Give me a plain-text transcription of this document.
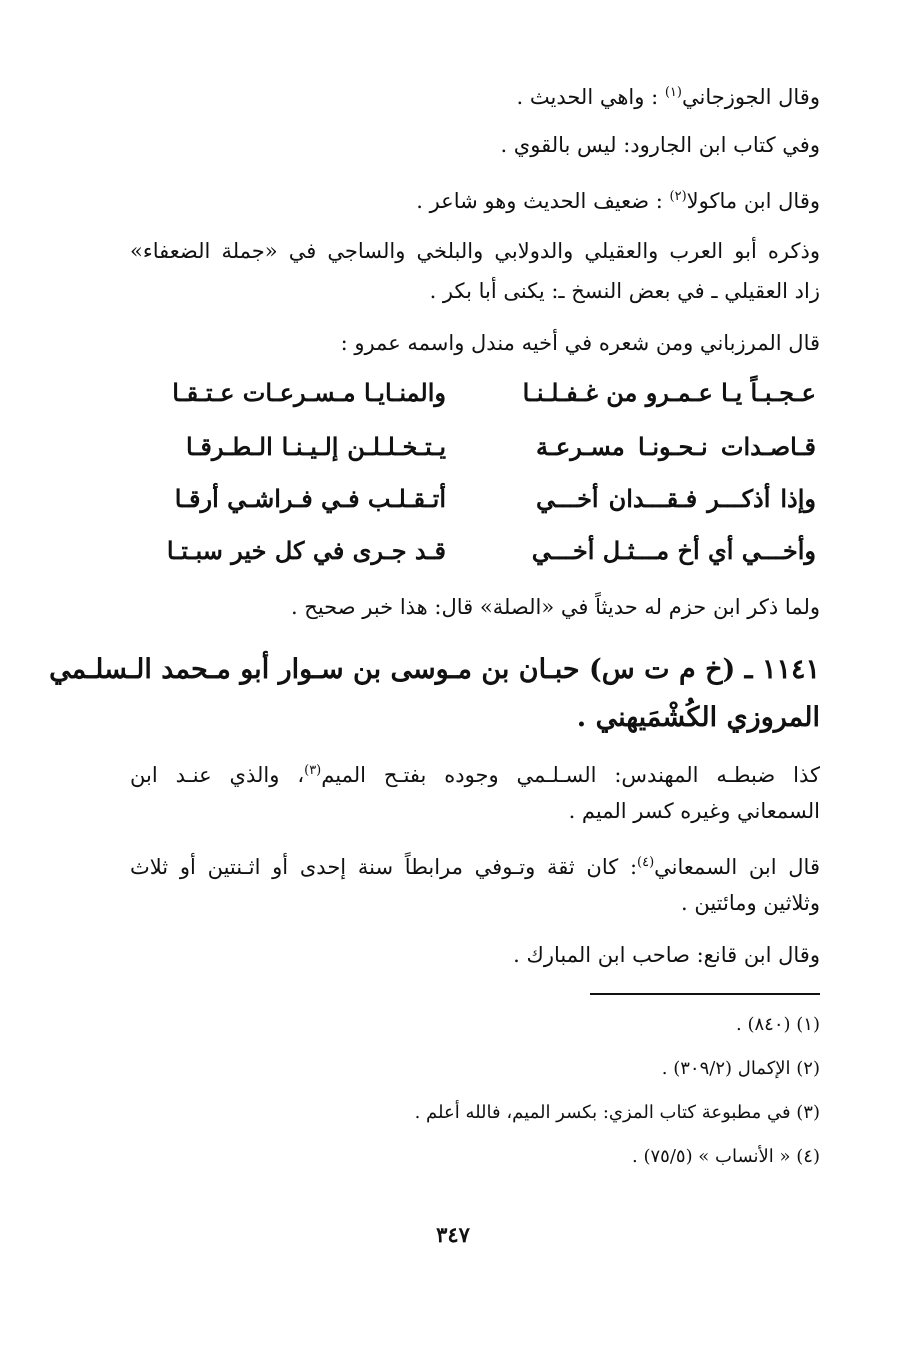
وقال الجوزجاني$^{(١)}$ : واهي الحديث .
وفي كتاب ابن الجارود: ليس بالقوي .
وقال ابن ماكولا$^{(٢)}$ : ضعيف الحديث وهو شاعر .
وذكره أبو العرب والعقيلي والدولابي والبلخي والساجي في «جملة الضعفاء»
زاد العقيلي ـ في بعض النسخ ـ: يكنى أبا بكر .
قال المرزباني ومن شعره في أخيه مندل واسمه عمرو :
عـجـبـاً يـا عـمـرو من غـفـلـنـا
والمنـايـا مـسـرعـات عـتـقـا
قـاصـدات نـحـونـا مسـرعـة
يـتـخـلـلـن إلـيـنـا الـطـرقـا
وإذا أذكـــر فـقـــدان أخـــي
أتـقـلـب فـي فـراشـي أرقـا
وأخـــي أي أخ مـــثـل أخـــي
قـد جـرى في كل خير سبـتـا
ولما ذكر ابن حزم له حديثاً في «الصلة» قال: هذا خبر صحيح .
١١٤١ ـ (خ م ت س) حبـان بن مـوسى بن سـوار أبو مـحمد الـسلـمي
المروزي الكُشْمَيهني .
كذا ضبطـه المهندس: السـلـمي وجوده بفتـح الميم$^{(٣)}$، والذي عنـد ابن
السمعاني وغيره كسر الميم .
قال ابن السمعاني$^{(٤)}$: كان ثقة وتـوفي مرابطاً سنة إحدى أو اثـنتين أو ثلاث
وثلاثين ومائتين .
وقال ابن قانع: صاحب ابن المبارك .
(١) (٨٤٠) .
(٢) الإكمال (٣٠٩/٢) .
(٣) في مطبوعة كتاب المزي: بكسر الميم، فالله أعلم .
(٤) « الأنساب » (٧٥/٥) .
٣٤٧
